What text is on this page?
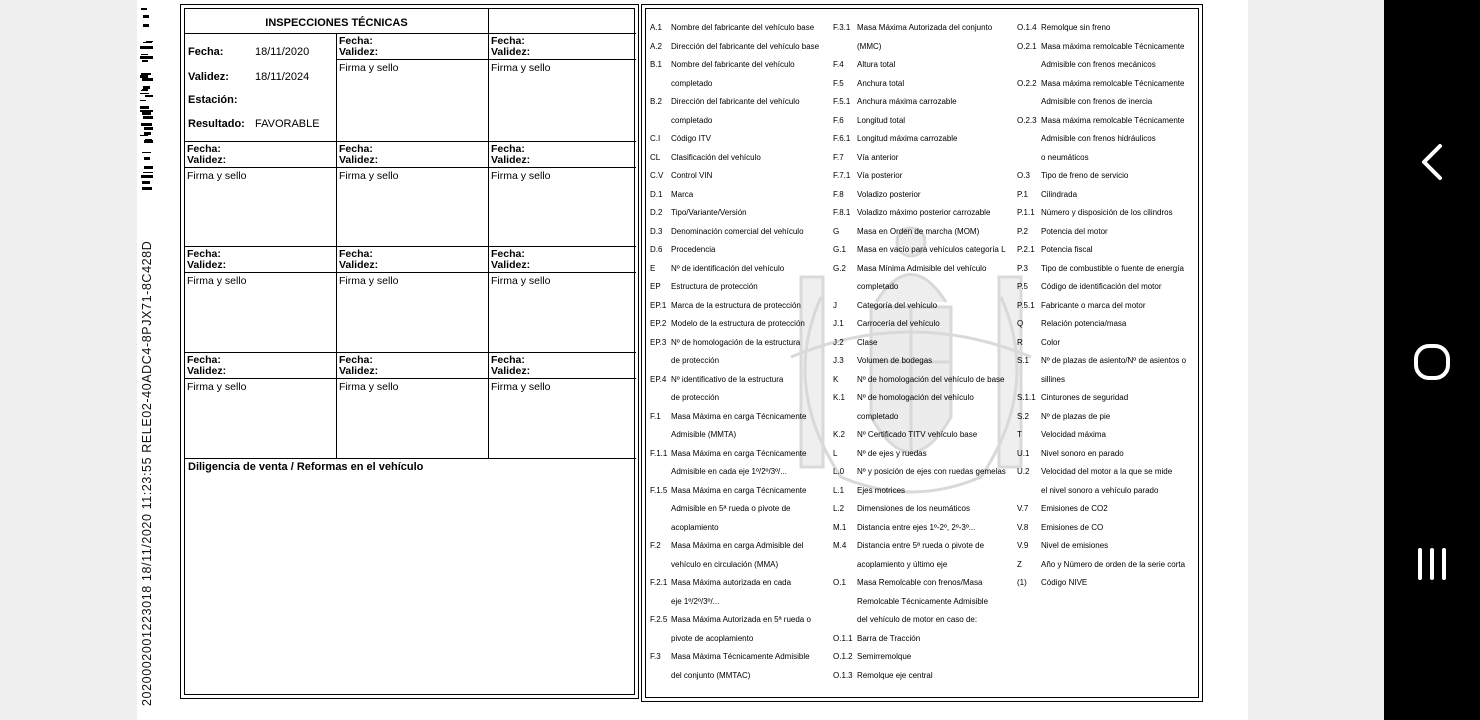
2020002001223018 18/11/2020 11:23:55 RELE02-40ADC4-8PJX71-8C428D
INSPECCIONES TÉCNICAS
Fecha:	18/11/2020
Validez: 18/11/2024
Estación:
Resultado: FAVORABLE
Fecha:
Validez:
Firma y sello
Fecha:
Validez:
Firma y sello
Fecha:
Validez:
Firma y sello
Fecha:
Validez:
Firma y sello
Fecha:
Validez:
Firma y sello
Fecha:
Validez:
Firma y sello
Fecha:
Validez:
Firma y sello
Fecha:
Validez:
Firma y sello
Fecha:
Validez:
Firma y sello
Fecha:
Validez:
Firma y sello
Fecha:
Validez:
Firma y sello
Diligencia de venta / Reformas en el vehículo
A.1 Nombre del fabricante del vehículo base
A.2 Dirección del fabricante del vehículo base
B.1 Nombre del fabricante del vehículo
completado
B.2 Dirección del fabricante del vehículo
completado
C.I Código ITV
CL Clasificación del vehículo
C.V Control VIN
D.1 Marca
D.2 Tipo/Variante/Versión
D.3 Denominación comercial del vehículo
D.6 Procedencia
E Nº de identificación del vehículo
EP Estructura de protección
EP.1 Marca de la estructura de protección
EP.2 Modelo de la estructura de protección
EP.3 Nº de homologación de la estructura
de protección
EP.4 Nº identificativo de la estructura
de protección
F.1 Masa Máxima en carga Técnicamente
Admisible (MMTA)
F.1.1 Masa Máxima en carga Técnicamente
Admisible en cada eje 1º/2º/3º/...
F.1.5 Masa Máxima en carga Técnicamente
Admisible en 5ª rueda o pivote de
acoplamiento
F.2 Masa Máxima en carga Admisible del
vehículo en circulación (MMA)
F.2.1 Masa Máxima autorizada en cada
eje 1º/2º/3º/...
F.2.5 Masa Máxima Autorizada en 5ª rueda o
pivote de acoplamiento
F.3 Masa Máxima Técnicamente Admisible
del conjunto (MMTAC)
F.3.1 Masa Máxima Autorizada del conjunto
(MMC)
F.4 Altura total
F.5 Anchura total
F.5.1 Anchura máxima carrozable
F.6 Longitud total
F.6.1 Longitud máxima carrozable
F.7 Vía anterior
F.7.1 Vía posterior
F.8 Voladizo posterior
F.8.1 Voladizo máximo posterior carrozable
G Masa en Orden de marcha (MOM)
G.1 Masa en vacío para vehículos categoría L
G.2 Masa Mínima Admisible del vehículo
completado
J	Categoría del vehículo
J.1 Carrocería del vehículo
J.2 Clase
J.3 Volumen de bodegas
K Nº de homologación del vehículo de base
K.1 Nº de homologación del vehículo
completado
K.2 Nº Certificado TITV vehículo base
L Nº de ejes y ruedas
L.0 Nº y posición de ejes con ruedas gemelas
L.1 Ejes motrices
L.2 Dimensiones de los neumáticos
M.1 Distancia entre ejes 1º-2º, 2º-3º...
M.4 Distancia entre 5ª rueda o pivote de
acoplamiento y último eje
O.1 Masa Remolcable con frenos/Masa
Remolcable Técnicamente Admisible
del vehículo de motor en caso de:
O.1.1 Barra de Tracción
O.1.2 Semirremolque
O.1.3 Remolque eje central
O.1.4 Remolque sin freno
O.2.1 Masa máxima remolcable Técnicamente
Admisible con frenos mecánicos
O.2.2 Masa máxima remolcable Técnicamente
Admisible con frenos de inercia
O.2.3 Masa máxima remolcable Técnicamente
Admisible con frenos hidráulicos
o neumáticos
O.3 Tipo de freno de servicio
P.1 Cilindrada
P.1.1 Número y disposición de los cilindros
P.2 Potencia del motor
P.2.1 Potencia fiscal
P.3 Tipo de combustible o fuente de energía
P.5 Código de identificación del motor
P.5.1 Fabricante o marca del motor
Q Relación potencia/masa
R Color
S.1 Nº de plazas de asiento/Nº de asientos o
sillines
S.1.1 Cinturones de seguridad
S.2 Nº de plazas de pie
T Velocidad máxima
U.1 Nivel sonoro en parado
U.2 Velocidad del motor a la que se mide
el nivel sonoro a vehículo parado
V.7 Emisiones de CO2
V.8 Emisiones de CO
V.9 Nivel de emisiones
Z Año y Número de orden de la serie corta
(1) Código NIVE
